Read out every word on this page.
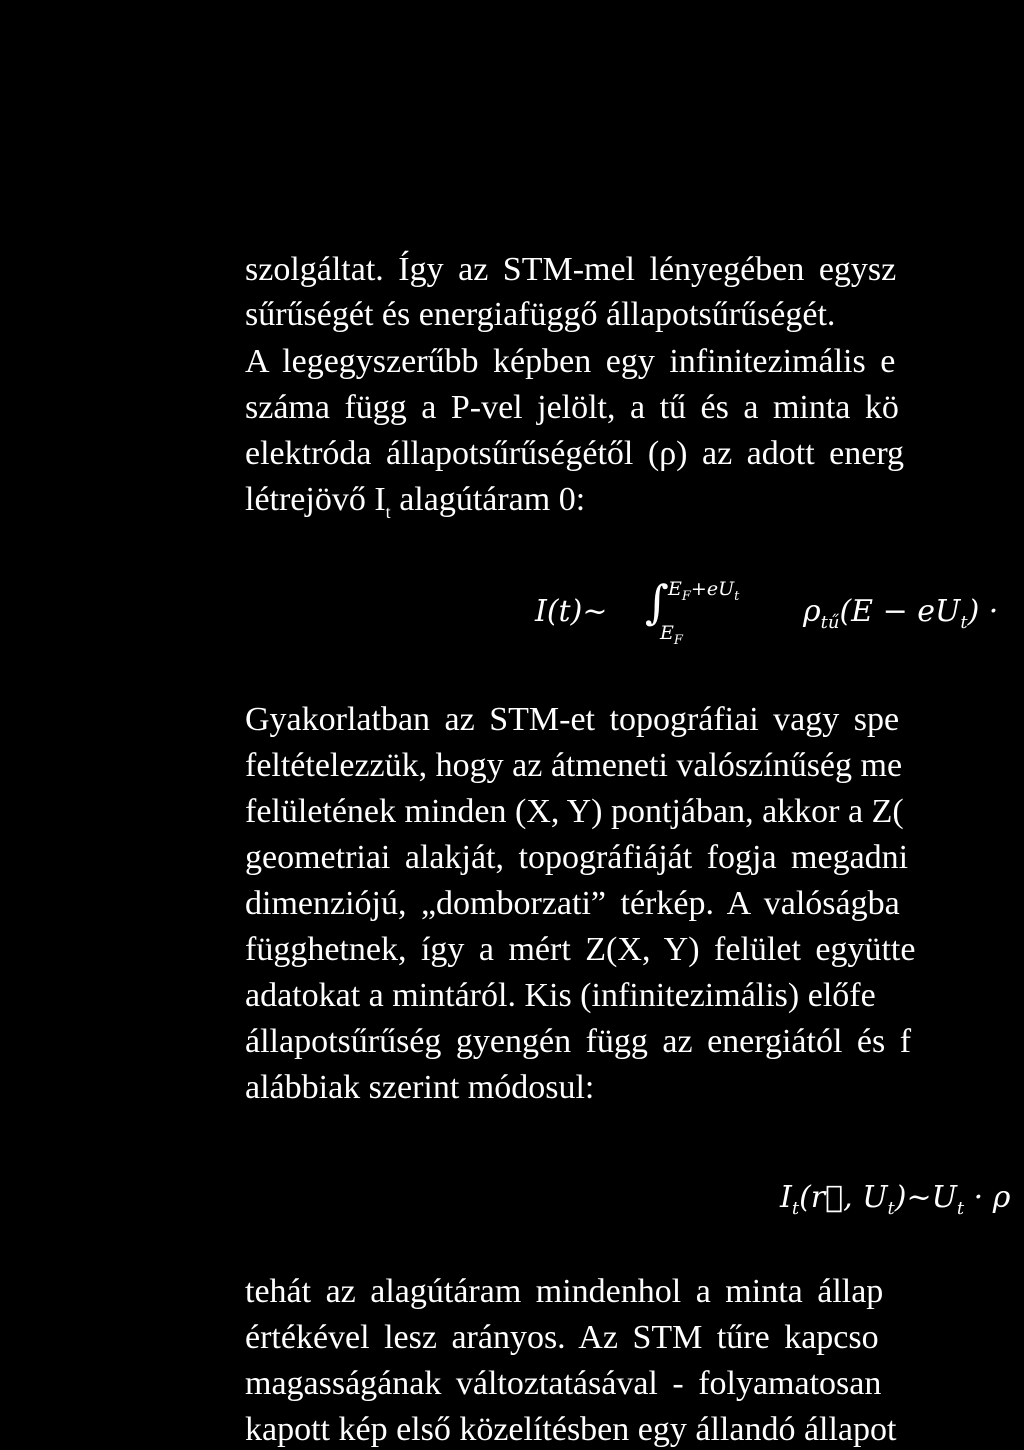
szolgáltat. Így az STM-mel lényegében egysz
sűrűségét és energiafüggő állapotsűrűségét.
A legegyszerűbb képben egy infinitezimális e
száma függ a P-vel jelölt, a tű és a minta kö
elektróda állapotsűrűségétől (ρ) az adott energ
létrejövő $I_t$ alagútáram 0:
I(t)~ ∫ $E_F+eU_t$
$E_F$
$\rho_{tű}(E - eU_t)$ ·
Gyakorlatban az STM-et topográfiai vagy spe
feltételezzük, hogy az átmeneti valószínűség me
felületének minden (X, Y) pontjában, akkor a Z(
geometriai alakját, topográfiáját fogja megadni
dimenziójú, „domborzati” térkép. A valóságba
függhetnek, így a mért Z(X, Y) felület együtte
adatokat a mintáról. Kis (infinitezimális) előfe
állapotsűrűség gyengén függ az energiától és f
alábbiak szerint módosul:
$I_t(r⃗$, $U_t)\sim U_t \cdot \rho$
tehát az alagútáram mindenhol a minta állap
értékével lesz arányos. Az STM tűre kapcso
magasságának változtatásával - folyamatosan
kapott kép első közelítésben egy állandó állapot
